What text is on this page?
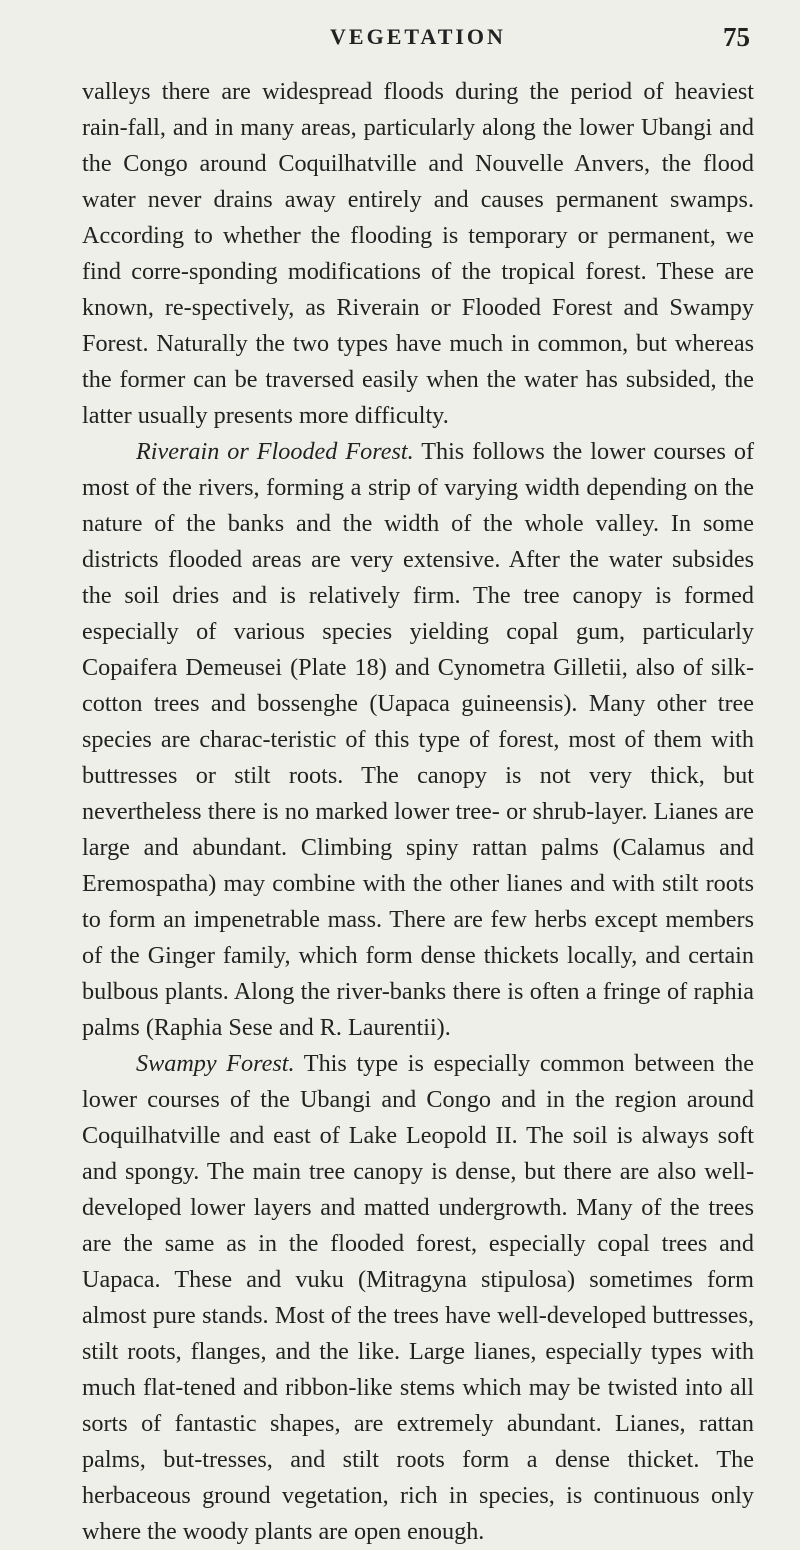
VEGETATION	75

valleys there are widespread floods during the period of heaviest rain-fall, and in many areas, particularly along the lower Ubangi and the Congo around Coquilhatville and Nouvelle Anvers, the flood water never drains away entirely and causes permanent swamps. According to whether the flooding is temporary or permanent, we find corre-sponding modifications of the tropical forest. These are known, re-spectively, as Riverain or Flooded Forest and Swampy Forest. Naturally the two types have much in common, but whereas the former can be traversed easily when the water has subsided, the latter usually presents more difficulty.

Riverain or Flooded Forest. This follows the lower courses of most of the rivers, forming a strip of varying width depending on the nature of the banks and the width of the whole valley. In some districts flooded areas are very extensive. After the water subsides the soil dries and is relatively firm. The tree canopy is formed especially of various species yielding copal gum, particularly Copaifera Demeusei (Plate 18) and Cynometra Gilletii, also of silk-cotton trees and bossenghe (Uapaca guineensis). Many other tree species are charac-teristic of this type of forest, most of them with buttresses or stilt roots. The canopy is not very thick, but nevertheless there is no marked lower tree- or shrub-layer. Lianes are large and abundant. Climbing spiny rattan palms (Calamus and Eremospatha) may combine with the other lianes and with stilt roots to form an impenetrable mass. There are few herbs except members of the Ginger family, which form dense thickets locally, and certain bulbous plants. Along the river-banks there is often a fringe of raphia palms (Raphia Sese and R. Laurentii).

Swampy Forest. This type is especially common between the lower courses of the Ubangi and Congo and in the region around Coquilhatville and east of Lake Leopold II. The soil is always soft and spongy. The main tree canopy is dense, but there are also well-developed lower layers and matted undergrowth. Many of the trees are the same as in the flooded forest, especially copal trees and Uapaca. These and vuku (Mitragyna stipulosa) sometimes form almost pure stands. Most of the trees have well-developed buttresses, stilt roots, flanges, and the like. Large lianes, especially types with much flat-tened and ribbon-like stems which may be twisted into all sorts of fantastic shapes, are extremely abundant. Lianes, rattan palms, but-tresses, and stilt roots form a dense thicket. The herbaceous ground vegetation, rich in species, is continuous only where the woody plants are open enough.
